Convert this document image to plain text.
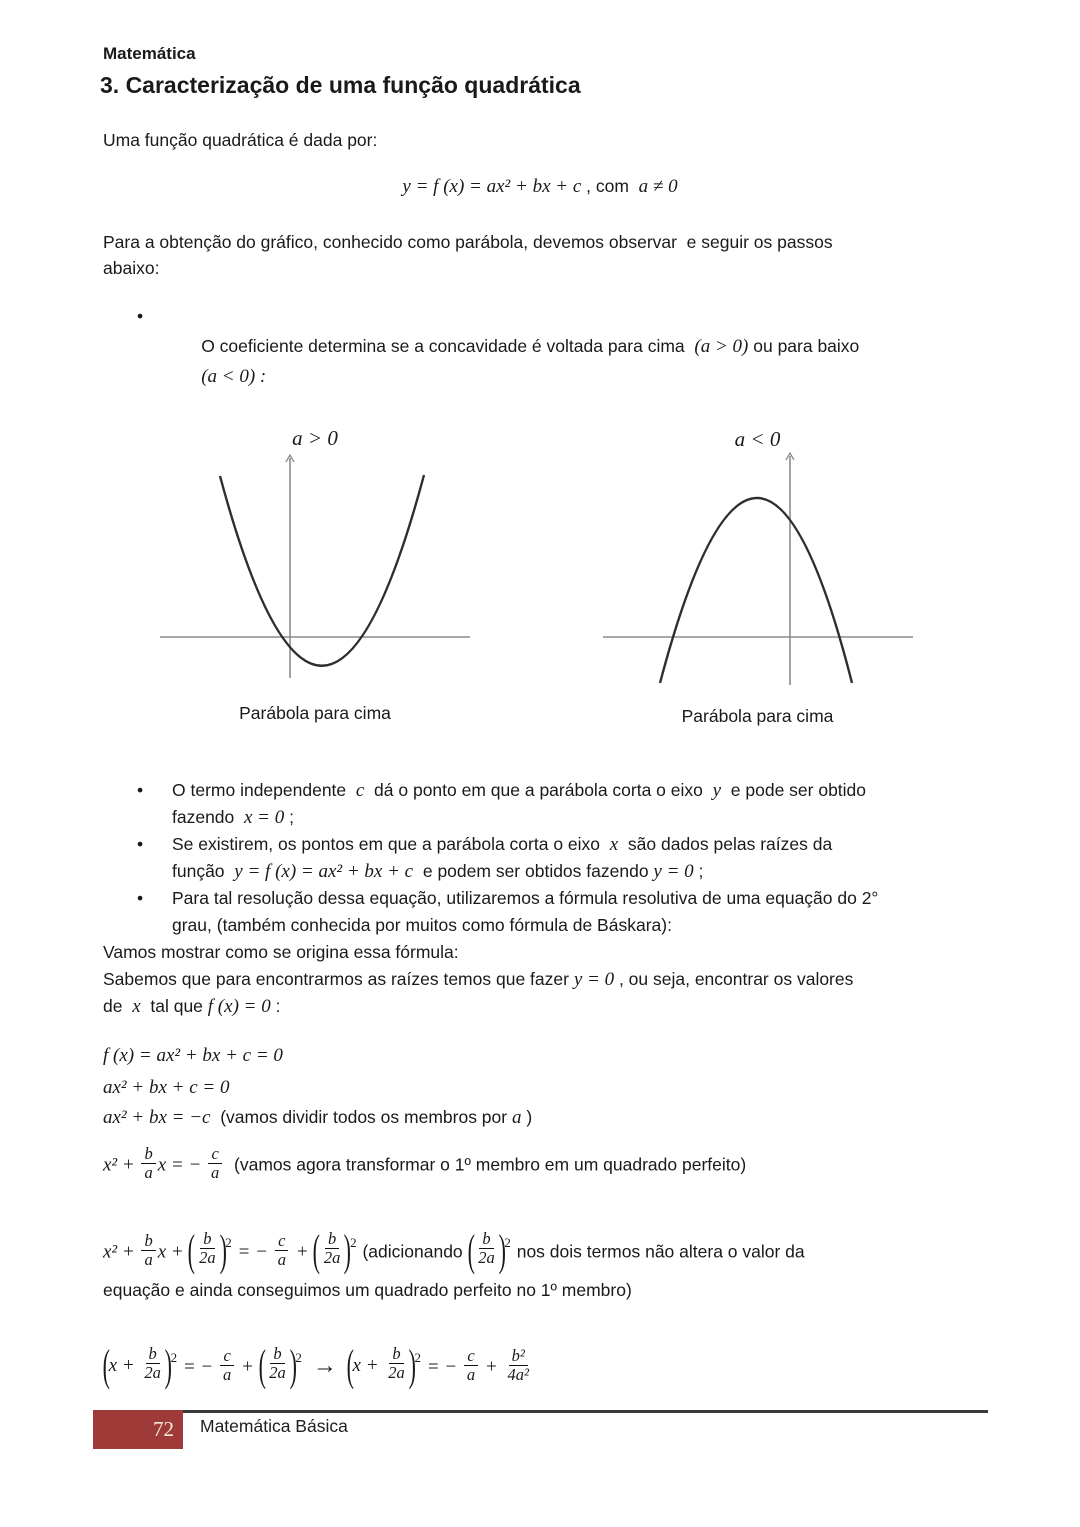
Matemática
3. Caracterização de uma função quadrática
Uma função quadrática é dada por:
y = f (x) = ax² + bx + c , com  a ≠ 0
Para a obtenção do gráfico, conhecido como parábola, devemos observar  e seguir os passos
abaixo:

•
O coeficiente determina se a concavidade é voltada para cima  (a > 0) ou para baixo

(a < 0) :

a > 0
Parábola para cima
a < 0
Parábola para cima
• O termo independente  c  dá o ponto em que a parábola corta o eixo  y  e pode ser obtido
fazendo  x = 0 ;
• Se existirem, os pontos em que a parábola corta o eixo  x  são dados pelas raízes da
função  y = f (x) = ax² + bx + c  e podem ser obtidos fazendo y = 0 ;
• Para tal resolução dessa equação, utilizaremos a fórmula resolutiva de uma equação do 2°
grau, (também conhecida por muitos como fórmula de Báskara):
Vamos mostrar como se origina essa fórmula:
Sabemos que para encontrarmos as raízes temos que fazer y = 0 , ou seja, encontrar os valores
de  x  tal que f (x) = 0 :
f (x) = ax² + bx + c = 0
ax² + bx + c = 0
ax² + bx = −c  (vamos dividir todos os membros por a )
$x^2 + \frac{b}{a}$ x = − $\frac{c}{a}$ (vamos agora transformar o 1º membro em um quadrado perfeito)
$x^2 + \frac{b}{a}$ x + ( $\frac{b}{2a}$ )
2 = − $\frac{c}{a}$ + ( $\frac{b}{2a}$ )
2 (adicionando ( $\frac{b}{2a}$ )
2 nos dois termos não altera o valor da
equação e ainda conseguimos um quadrado perfeito no 1º membro)
(
$x + \frac{b}{2a}$ )
2 = − $\frac{c}{a}$ + ( $\frac{b}{2a}$ )
2 → (
$x + \frac{b}{2a}$ )
2 = − $\frac{c}{a} + \frac{\text{b²}}{\text{4a²}}$
72 Matemática Básica
